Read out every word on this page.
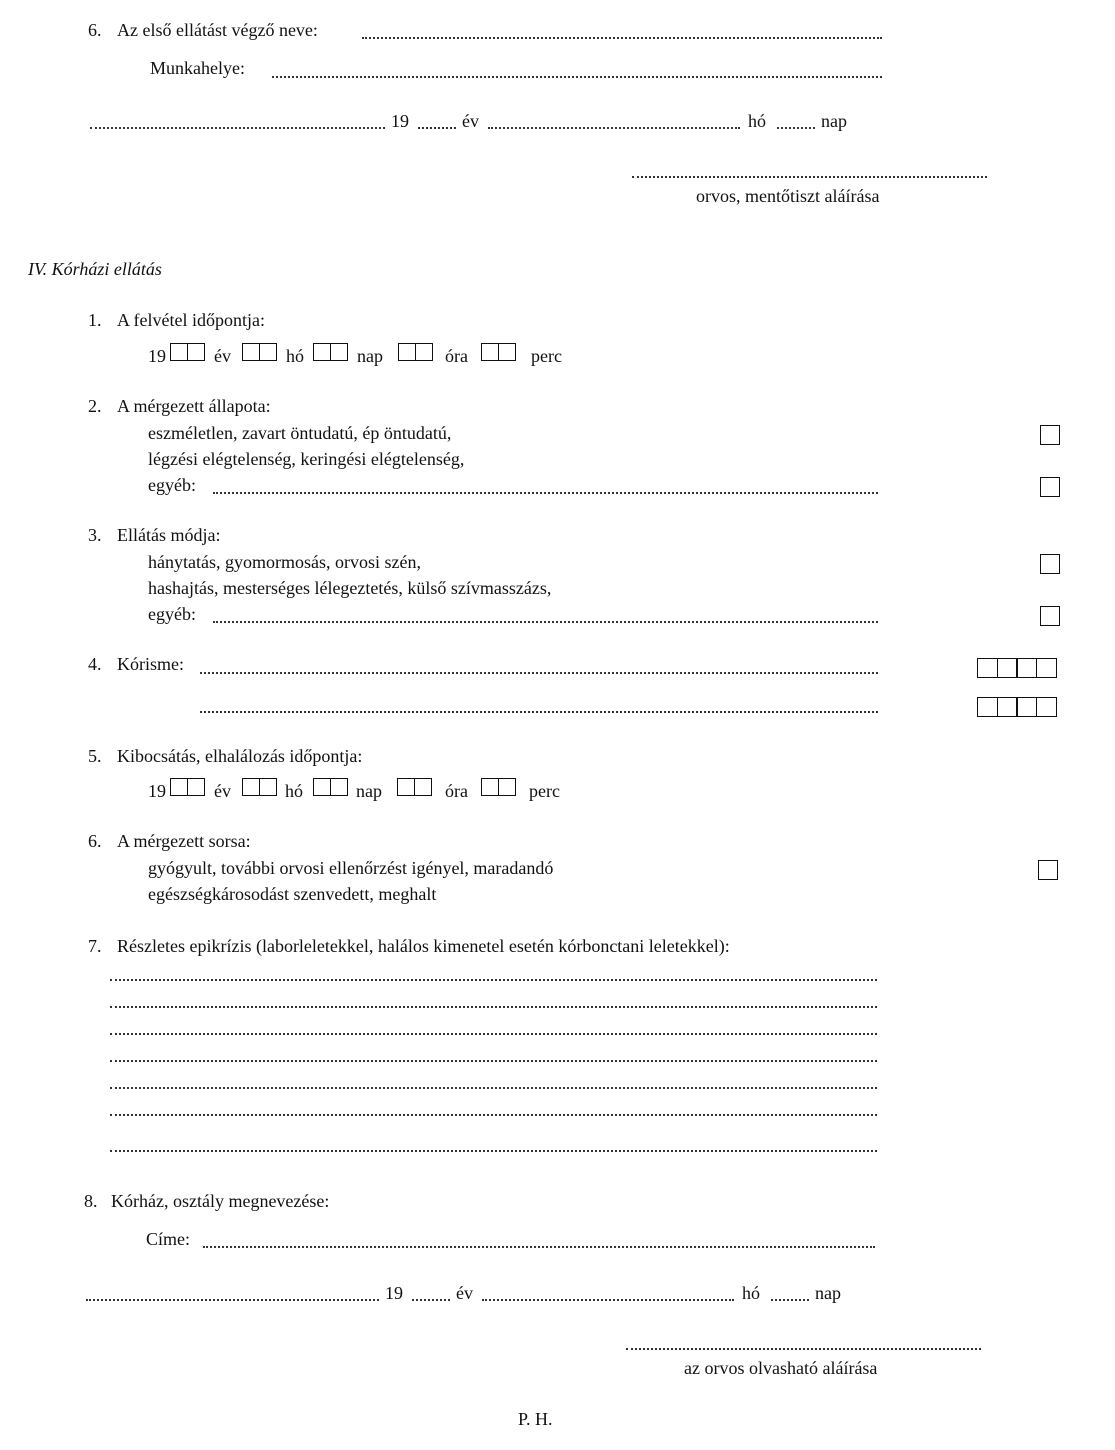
6. Az első ellátást végző neve:
Munkahelye:
19	év	hó	nap
orvos, mentőtiszt aláírása
IV. Kórházi ellátás
1. A felvétel időpontja:
19	év	hó	nap	óra	perc
2. A mérgezett állapota:
eszméletlen, zavart öntudatú, ép öntudatú,
légzési elégtelenség, keringési elégtelenség,
egyéb:
3. Ellátás módja:
hánytatás, gyomormosás, orvosi szén,
hashajtás, mesterséges lélegeztetés, külső szívmasszázs,
egyéb:
4. Kórisme:
5. Kibocsátás, elhalálozás időpontja:
19	év	hó	nap	óra	perc
6. A mérgezett sorsa:
gyógyult, további orvosi ellenőrzést igényel, maradandó
egészségkárosodást szenvedett, meghalt
7. Részletes epikrízis (laborleletekkel, halálos kimenetel esetén kórbonctani leletekkel):
8. Kórház, osztály megnevezése:
Címe:
19	év	hó	nap
az orvos olvasható aláírása
P. H.
